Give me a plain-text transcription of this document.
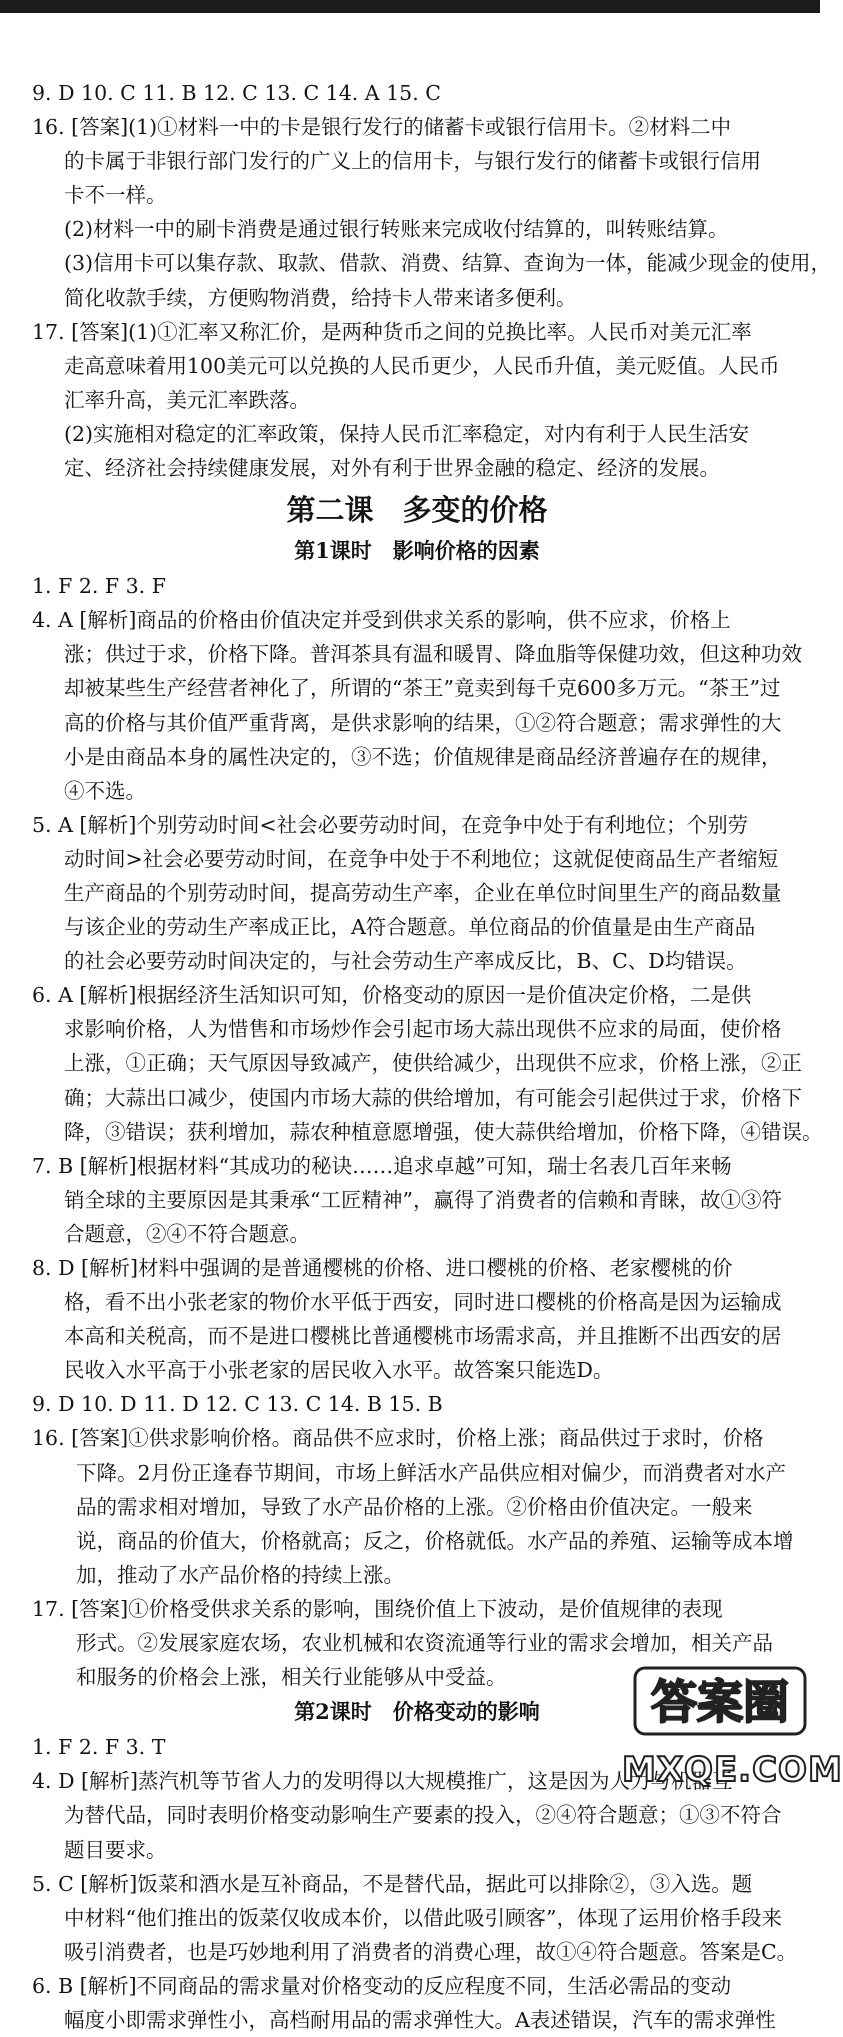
9. D 10. C 11. B 12. C 13. C 14. A 15. C
16. [答案](1)①材料一中的卡是银行发行的储蓄卡或银行信用卡。②材料二中
的卡属于非银行部门发行的广义上的信用卡，与银行发行的储蓄卡或银行信用
卡不一样。
(2)材料一中的刷卡消费是通过银行转账来完成收付结算的，叫转账结算。
(3)信用卡可以集存款、取款、借款、消费、结算、查询为一体，能减少现金的使用，
简化收款手续，方便购物消费，给持卡人带来诸多便利。
17. [答案](1)①汇率又称汇价，是两种货币之间的兑换比率。人民币对美元汇率
走高意味着用100美元可以兑换的人民币更少，人民币升值，美元贬值。人民币
汇率升高，美元汇率跌落。
(2)实施相对稳定的汇率政策，保持人民币汇率稳定，对内有利于人民生活安
定、经济社会持续健康发展，对外有利于世界金融的稳定、经济的发展。
第二课　多变的价格
第1课时　影响价格的因素
1. F 2. F 3. F
4. A [解析]商品的价格由价值决定并受到供求关系的影响，供不应求，价格上
涨；供过于求，价格下降。普洱茶具有温和暖胃、降血脂等保健功效，但这种功效
却被某些生产经营者神化了，所谓的“茶王”竟卖到每千克600多万元。“茶王”过
高的价格与其价值严重背离，是供求影响的结果，①②符合题意；需求弹性的大
小是由商品本身的属性决定的，③不选；价值规律是商品经济普遍存在的规律，
④不选。
5. A [解析]个别劳动时间<社会必要劳动时间，在竞争中处于有利地位；个别劳
动时间>社会必要劳动时间，在竞争中处于不利地位；这就促使商品生产者缩短
生产商品的个别劳动时间，提高劳动生产率，企业在单位时间里生产的商品数量
与该企业的劳动生产率成正比，A符合题意。单位商品的价值量是由生产商品
的社会必要劳动时间决定的，与社会劳动生产率成反比，B、C、D均错误。
6. A [解析]根据经济生活知识可知，价格变动的原因一是价值决定价格，二是供
求影响价格，人为惜售和市场炒作会引起市场大蒜出现供不应求的局面，使价格
上涨，①正确；天气原因导致减产，使供给减少，出现供不应求，价格上涨，②正
确；大蒜出口减少，使国内市场大蒜的供给增加，有可能会引起供过于求，价格下
降，③错误；获利增加，蒜农种植意愿增强，使大蒜供给增加，价格下降，④错误。
7. B [解析]根据材料“其成功的秘诀……追求卓越”可知，瑞士名表几百年来畅
销全球的主要原因是其秉承“工匠精神”，赢得了消费者的信赖和青睐，故①③符
合题意，②④不符合题意。
8. D [解析]材料中强调的是普通樱桃的价格、进口樱桃的价格、老家樱桃的价
格，看不出小张老家的物价水平低于西安，同时进口樱桃的价格高是因为运输成
本高和关税高，而不是进口樱桃比普通樱桃市场需求高，并且推断不出西安的居
民收入水平高于小张老家的居民收入水平。故答案只能选D。
9. D 10. D 11. D 12. C 13. C 14. B 15. B
16. [答案]①供求影响价格。商品供不应求时，价格上涨；商品供过于求时，价格
下降。2月份正逢春节期间，市场上鲜活水产品供应相对偏少，而消费者对水产
品的需求相对增加，导致了水产品价格的上涨。②价格由价值决定。一般来
说，商品的价值大，价格就高；反之，价格就低。水产品的养殖、运输等成本增
加，推动了水产品价格的持续上涨。
17. [答案]①价格受供求关系的影响，围绕价值上下波动，是价值规律的表现
形式。②发展家庭农场，农业机械和农资流通等行业的需求会增加，相关产品
和服务的价格会上涨，相关行业能够从中受益。
第2课时　价格变动的影响
1. F 2. F 3. T
4. D [解析]蒸汽机等节省人力的发明得以大规模推广，这是因为人力与机器互
为替代品，同时表明价格变动影响生产要素的投入，②④符合题意；①③不符合
题目要求。
5. C [解析]饭菜和酒水是互补商品，不是替代品，据此可以排除②，③入选。题
中材料“他们推出的饭菜仅收成本价，以借此吸引顾客”，体现了运用价格手段来
吸引消费者，也是巧妙地利用了消费者的消费心理，故①④符合题意。答案是C。
6. B [解析]不同商品的需求量对价格变动的反应程度不同，生活必需品的变动
幅度小即需求弹性小，高档耐用品的需求弹性大。A表述错误，汽车的需求弹性
答案圈
MXQE.COM
